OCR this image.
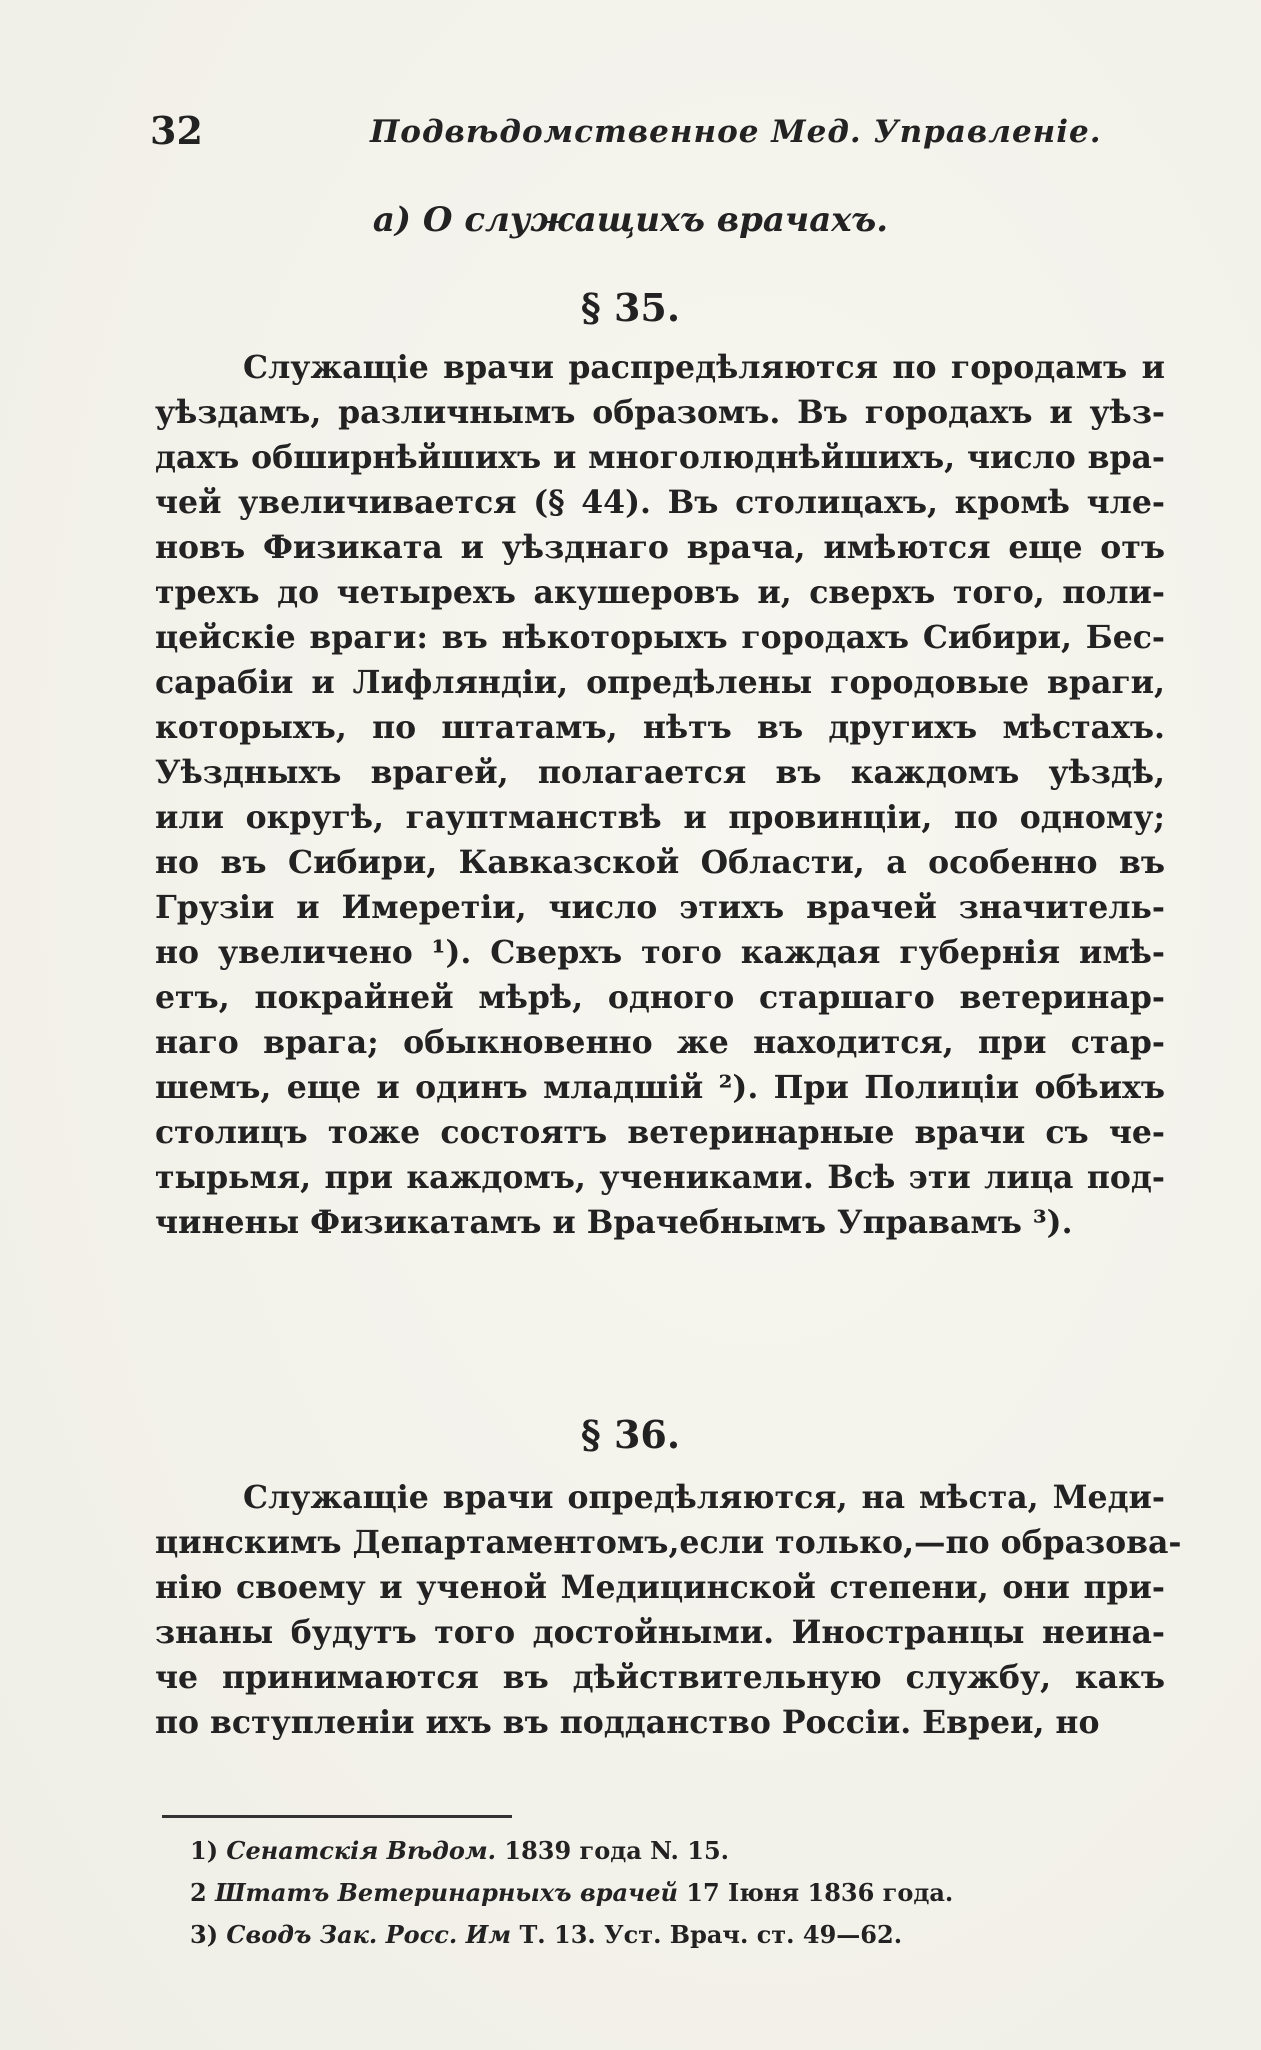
32	Подвѣдомственное Мед. Управленіе.
a) О служащихъ врачахъ.
§ 35.
Служащіе врачи распредѣляются по городамъ и
уѣздамъ, различнымъ образомъ. Въ городахъ и уѣз-
дахъ обширнѣйшихъ и многолюднѣйшихъ, число вра-
чей увеличивается (§ 44). Въ столицахъ, кромѣ чле-
новъ Физиката и уѣзднаго врача, имѣются еще отъ
трехъ до четырехъ акушеровъ и, сверхъ того, поли-
цейскіе враги: въ нѣкоторыхъ городахъ Сибири, Бес-
сарабіи и Лифляндіи, опредѣлены городовые враги,
которыхъ, по штатамъ, нѣтъ въ другихъ мѣстахъ.
Уѣздныхъ врагей, полагается въ каждомъ уѣздѣ,
или округѣ, гауптманствѣ и провинціи, по одному;
но въ Сибири, Кавказской Области, а особенно въ
Грузіи и Имеретіи, число этихъ врачей значитель-
но увеличено ¹). Сверхъ того каждая губернія имѣ-
етъ, покрайней мѣрѣ, одного старшаго ветеринар-
наго врага; обыкновенно же находится, при стар-
шемъ, еще и одинъ младшій ²). При Полиціи обѣихъ
столицъ тоже состоятъ ветеринарные врачи съ че-
тырьмя, при каждомъ, учениками. Всѣ эти лица под-
чинены Физикатамъ и Врачебнымъ Управамъ ³).
§ 36.
Служащіе врачи опредѣляются, на мѣста, Меди-
цинскимъ Департаментомъ,если только,—по образова-
нію своему и ученой Медицинской степени, они при-
знаны будутъ того достойными. Иностранцы неина-
че принимаются въ дѣйствительную службу, какъ
по вступленіи ихъ въ подданство Россіи. Евреи, но
1) Сенатскія Вѣдом. 1839 года N. 15.
2 Штатъ Ветеринарныхъ врачей 17 Іюня 1836 года.
3) Сводъ Зак. Росс. Им Т. 13. Уст. Врач. ст. 49—62.
